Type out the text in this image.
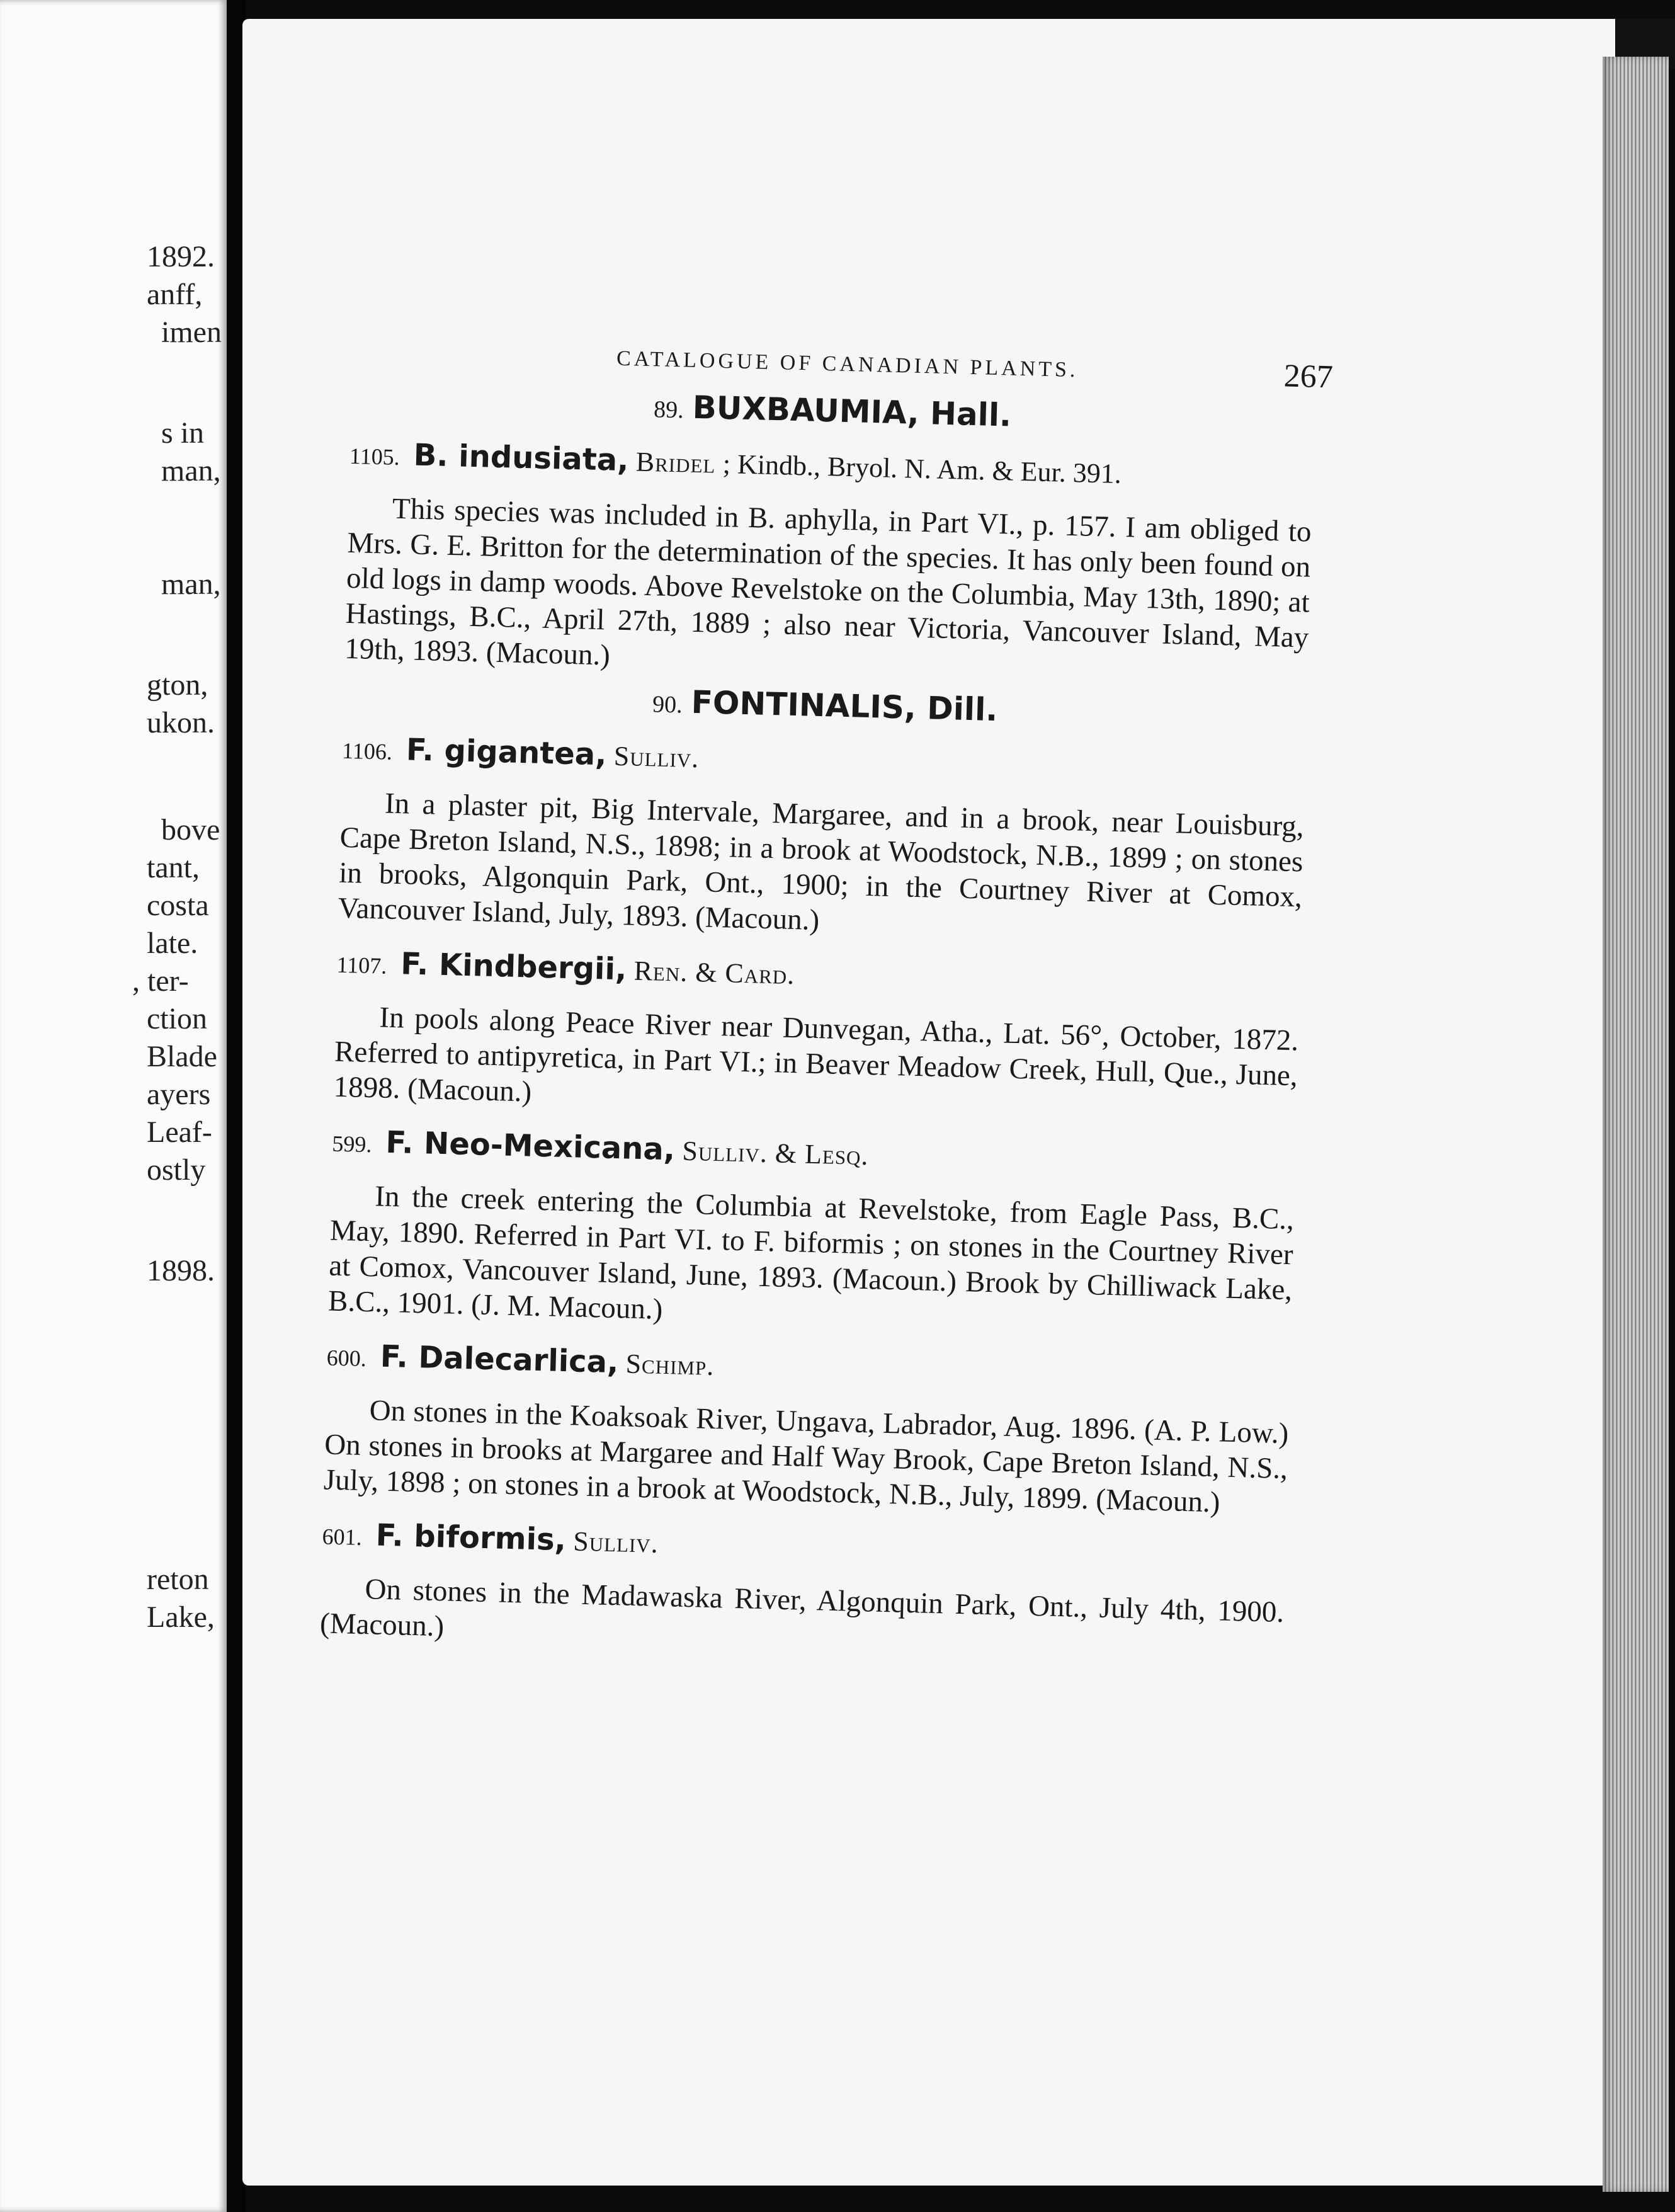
1892.
anff,
imen
s in
man,
man,
gton,
ukon.
bove
tant,
costa
late.
, ter-
ction
Blade
ayers
Leaf-
ostly
1898.
reton
Lake,
CATALOGUE OF CANADIAN PLANTS.	267
89. BUXBAUMIA, Hall.
1105. B. indusiata, Bridel ; Kindb., Bryol. N. Am. & Eur. 391.

This species was included in B. aphylla, in Part VI., p. 157. I am obliged to Mrs. G. E. Britton for the determination of the species. It has only been found on old logs in damp woods. Above Revelstoke on the Columbia, May 13th, 1890; at Hastings, B.C., April 27th, 1889 ; also near Victoria, Vancouver Island, May 19th, 1893. (Macoun.)

90. FONTINALIS, Dill.
1106. F. gigantea, Sulliv.

In a plaster pit, Big Intervale, Margaree, and in a brook, near Louisburg, Cape Breton Island, N.S., 1898; in a brook at Woodstock, N.B., 1899 ; on stones in brooks, Algonquin Park, Ont., 1900; in the Courtney River at Comox, Vancouver Island, July, 1893. (Macoun.)

1107. F. Kindbergii, Ren. & Card.

In pools along Peace River near Dunvegan, Atha., Lat. 56°, October, 1872. Referred to antipyretica, in Part VI.; in Beaver Meadow Creek, Hull, Que., June, 1898. (Macoun.)

599. F. Neo-Mexicana, Sulliv. & Lesq.

In the creek entering the Columbia at Revelstoke, from Eagle Pass, B.C., May, 1890. Referred in Part VI. to F. biformis ; on stones in the Courtney River at Comox, Vancouver Island, June, 1893. (Macoun.) Brook by Chilliwack Lake, B.C., 1901. (J. M. Macoun.)

600. F. Dalecarlica, Schimp.

On stones in the Koaksoak River, Ungava, Labrador, Aug. 1896. (A. P. Low.) On stones in brooks at Margaree and Half Way Brook, Cape Breton Island, N.S., July, 1898 ; on stones in a brook at Woodstock, N.B., July, 1899. (Macoun.)

601. F. biformis, Sulliv.

On stones in the Madawaska River, Algonquin Park, Ont., July 4th, 1900. (Macoun.)
